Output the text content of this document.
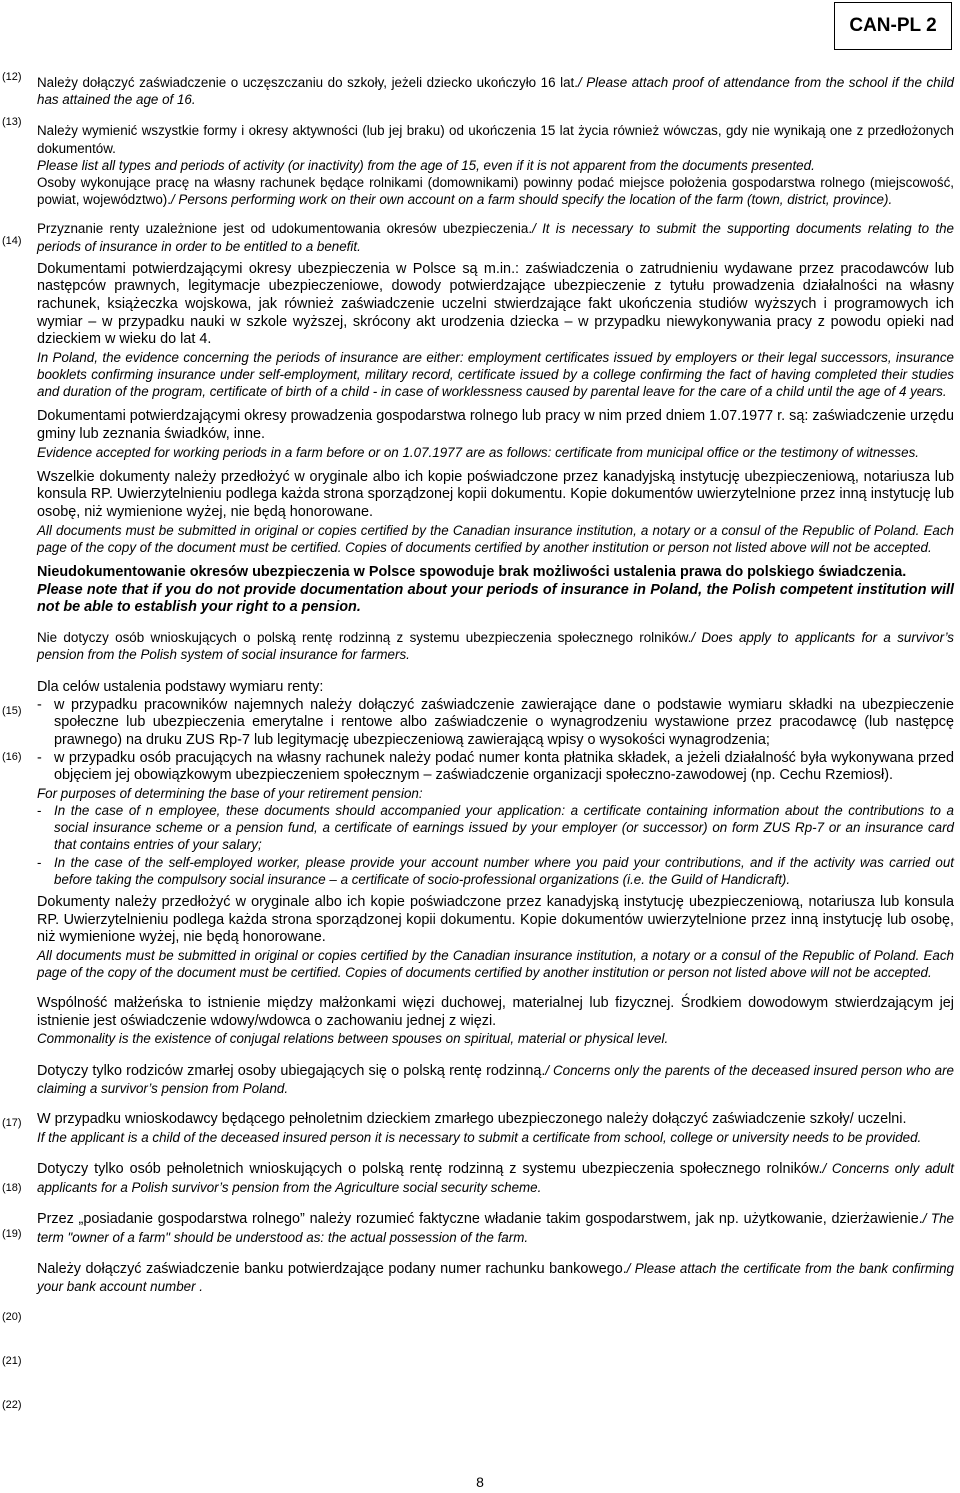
CAN-PL 2
(12)
(13)
(14)
(15)
(16)
(17)
(18)
(19)
(20)
(21)
(22)

Należy dołączyć zaświadczenie o uczęszczaniu do szkoły, jeżeli dziecko ukończyło 16 lat./ Please attach proof of attendance from the school if the child has attained the age of 16.

Należy wymienić wszystkie formy i okresy aktywności (lub jej braku) od ukończenia 15 lat życia również wówczas, gdy nie wynikają one z przedłożonych dokumentów.

Please list all types and periods of activity (or inactivity) from the age of 15, even if it is not apparent from the documents presented.

Osoby wykonujące pracę na własny rachunek będące rolnikami (domownikami) powinny podać miejsce położenia gospodarstwa rolnego (miejscowość, powiat, województwo)./ Persons performing work on their own account on a farm should specify the location of the farm (town, district, province).

Przyznanie renty uzależnione jest od udokumentowania okresów ubezpieczenia./ It is necessary to submit the supporting documents relating to the periods of insurance in order to be entitled to a benefit.

Dokumentami potwierdzającymi okresy ubezpieczenia w Polsce są m.in.: zaświadczenia o zatrudnieniu wydawane przez pracodawców lub następców prawnych, legitymacje ubezpieczeniowe, dowody potwierdzające ubezpieczenie z tytułu prowadzenia działalności na własny rachunek, książeczka wojskowa, jak również zaświadczenie uczelni stwierdzające fakt ukończenia studiów wyższych i programowych ich wymiar – w przypadku nauki w szkole wyższej, skrócony akt urodzenia dziecka – w przypadku niewykonywania pracy z powodu opieki nad dzieckiem w wieku do lat 4.

In Poland, the evidence concerning the periods of insurance are either: employment certificates issued by employers or their legal successors, insurance booklets confirming insurance under self-employment, military record, certificate issued by a college confirming the fact of having completed their studies and duration of the program, certificate of birth of a child - in case of worklessness caused by parental leave for the care of a child until the age of 4 years.

Dokumentami potwierdzającymi okresy prowadzenia gospodarstwa rolnego lub pracy w nim przed dniem 1.07.1977 r. są: zaświadczenie urzędu gminy lub zeznania świadków, inne.

Evidence accepted for working periods in a farm before or on 1.07.1977 are as follows: certificate from municipal office or the testimony of witnesses.

Wszelkie dokumenty należy przedłożyć w oryginale albo ich kopie poświadczone przez kanadyjską instytucję ubezpieczeniową, notariusza lub konsula RP. Uwierzytelnieniu podlega każda strona sporządzonej kopii dokumentu. Kopie dokumentów uwierzytelnione przez inną instytucję lub osobę, niż wymienione wyżej, nie będą honorowane.

All documents must be submitted in original or copies certified by the Canadian insurance institution, a notary or a consul of the Republic of Poland. Each page of the copy of the document must be certified. Copies of documents certified by another institution or person not listed above will not be accepted.

Nieudokumentowanie okresów ubezpieczenia w Polsce spowoduje brak możliwości ustalenia prawa do polskiego świadczenia.

Please note that if you do not provide documentation about your periods of insurance in Poland, the Polish competent institution will not be able to establish your right to a pension.

Nie dotyczy osób wnioskujących o polską rentę rodzinną z systemu ubezpieczenia społecznego rolników./ Does apply to applicants for a survivor’s pension from the Polish system of social insurance for farmers.

Dla celów ustalenia podstawy wymiaru renty:

- w przypadku pracowników najemnych należy dołączyć zaświadczenie zawierające dane o podstawie wymiaru składki na ubezpieczenie społeczne lub ubezpieczenia emerytalne i rentowe albo zaświadczenie o wynagrodzeniu wystawione przez pracodawcę (lub następcę prawnego) na druku ZUS Rp-7 lub legitymację ubezpieczeniową zawierającą wpisy o wysokości wynagrodzenia;
- w przypadku osób pracujących na własny rachunek należy podać numer konta płatnika składek, a jeżeli działalność była wykonywana przed objęciem jej obowiązkowym ubezpieczeniem społecznym – zaświadczenie organizacji społeczno-zawodowej (np. Cechu Rzemiosł).

For purposes of determining the base of your retirement pension:

- In the case of n employee, these documents should accompanied your application: a certificate containing information about the contributions to a social insurance scheme or a pension fund, a certificate of earnings issued by your employer (or successor) on form ZUS Rp-7 or an insurance card that contains entries of your salary;
- In the case of the self-employed worker, please provide your account number where you paid your contributions, and if the activity was carried out before taking the compulsory social insurance – a certificate of socio-professional organizations (i.e. the Guild of Handicraft).

Dokumenty należy przedłożyć w oryginale albo ich kopie poświadczone przez kanadyjską instytucję ubezpieczeniową, notariusza lub konsula RP. Uwierzytelnieniu podlega każda strona sporządzonej kopii dokumentu. Kopie dokumentów uwierzytelnione przez inną instytucję lub osobę, niż wymienione wyżej, nie będą honorowane.

All documents must be submitted in original or copies certified by the Canadian insurance institution, a notary or a consul of the Republic of Poland. Each page of the copy of the document must be certified. Copies of documents certified by another institution or person not listed above will not be accepted.

Wspólność małżeńska to istnienie między małżonkami więzi duchowej, materialnej lub fizycznej. Środkiem dowodowym stwierdzającym jej istnienie jest oświadczenie wdowy/wdowca o zachowaniu jednej z więzi.

Commonality is the existence of conjugal relations between spouses on spiritual, material or physical level.

Dotyczy tylko rodziców zmarłej osoby ubiegających się o polską rentę rodzinną./ Concerns only the parents of the deceased insured person who are claiming a survivor’s pension from Poland.

W przypadku wnioskodawcy będącego pełnoletnim dzieckiem zmarłego ubezpieczonego należy dołączyć zaświadczenie szkoły/ uczelni.

If the applicant is a child of the deceased insured person it is necessary to submit a certificate from school, college or university needs to be provided.

Dotyczy tylko osób pełnoletnich wnioskujących o polską rentę rodzinną z systemu ubezpieczenia społecznego rolników./ Concerns only adult applicants for a Polish survivor’s pension from the Agriculture social security scheme.

Przez „posiadanie gospodarstwa rolnego” należy rozumieć faktyczne władanie takim gospodarstwem, jak np. użytkowanie, dzierżawienie./ The term "owner of a farm" should be understood as: the actual possession of the farm.

Należy dołączyć zaświadczenie banku potwierdzające podany numer rachunku bankowego./ Please attach the certificate from the bank confirming your bank account number .

8
